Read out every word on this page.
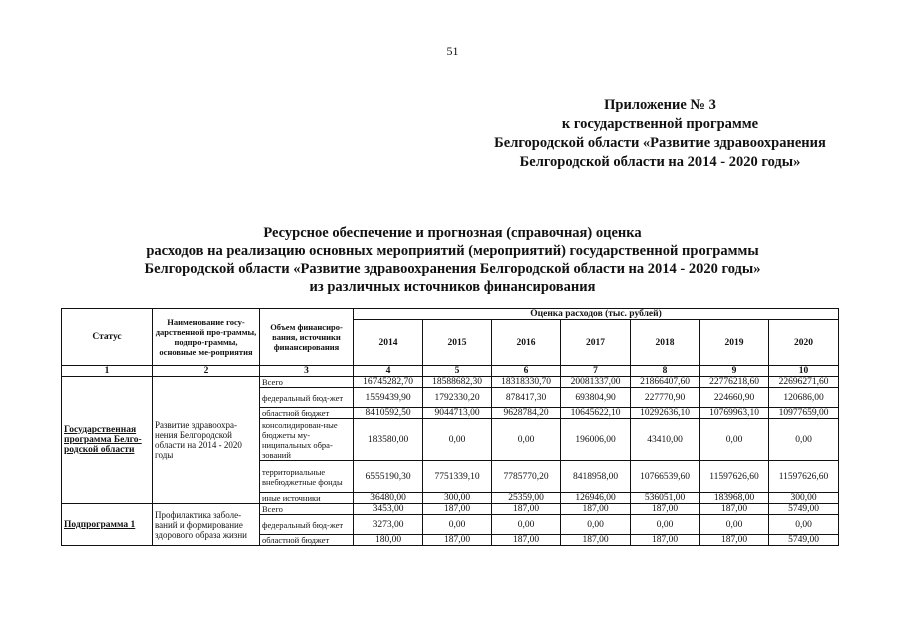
51
Приложение № 3
к государственной программе
Белгородской области «Развитие здравоохранения
Белгородской области на 2014 - 2020 годы»
Ресурсное обеспечение и прогнозная (справочная) оценка
расходов на реализацию основных мероприятий (мероприятий) государственной программы
Белгородской области «Развитие здравоохранения Белгородской области на 2014 - 2020 годы»
из различных источников финансирования
Статус	Наименование госу-дарственной про-граммы, подпро-граммы, основные ме-роприятия	Объем финансиро-вания, источники финансирования	Оценка расходов (тыс. рублей)						
			2014	2015	2016	2017	2018	2019	2020
1	2	3	4	5	6	7	8	9	10
Государственная программа Белго-родской области	Развитие здравоохра-нения Белгородской области на 2014 - 2020 годы	Всего	16745282,70	18588682,30	18318330,70	20081337,00	21866407,60	22776218,60	22696271,60
		федеральный бюд-жет	1559439,90	1792330,20	878417,30	693804,90	227770,90	224660,90	120686,00
		областной бюджет	8410592,50	9044713,00	9628784,20	10645622,10	10292636,10	10769963,10	10977659,00
		консолидирован-ные бюджеты му-ниципальных обра-зований	183580,00	0,00	0,00	196006,00	43410,00	0,00	0,00
		территориальные внебюджетные фонды	6555190,30	7751339,10	7785770,20	8418958,00	10766539,60	11597626,60	11597626,60
		иные источники	36480,00	300,00	25359,00	126946,00	536051,00	183968,00	300,00
Подпрограмма 1	Профилактика заболе-ваний и формирование здорового образа жизни	Всего	3453,00	187,00	187,00	187,00	187,00	187,00	5749,00
		федеральный бюд-жет	3273,00	0,00	0,00	0,00	0,00	0,00	0,00
		областной бюджет	180,00	187,00	187,00	187,00	187,00	187,00	5749,00
